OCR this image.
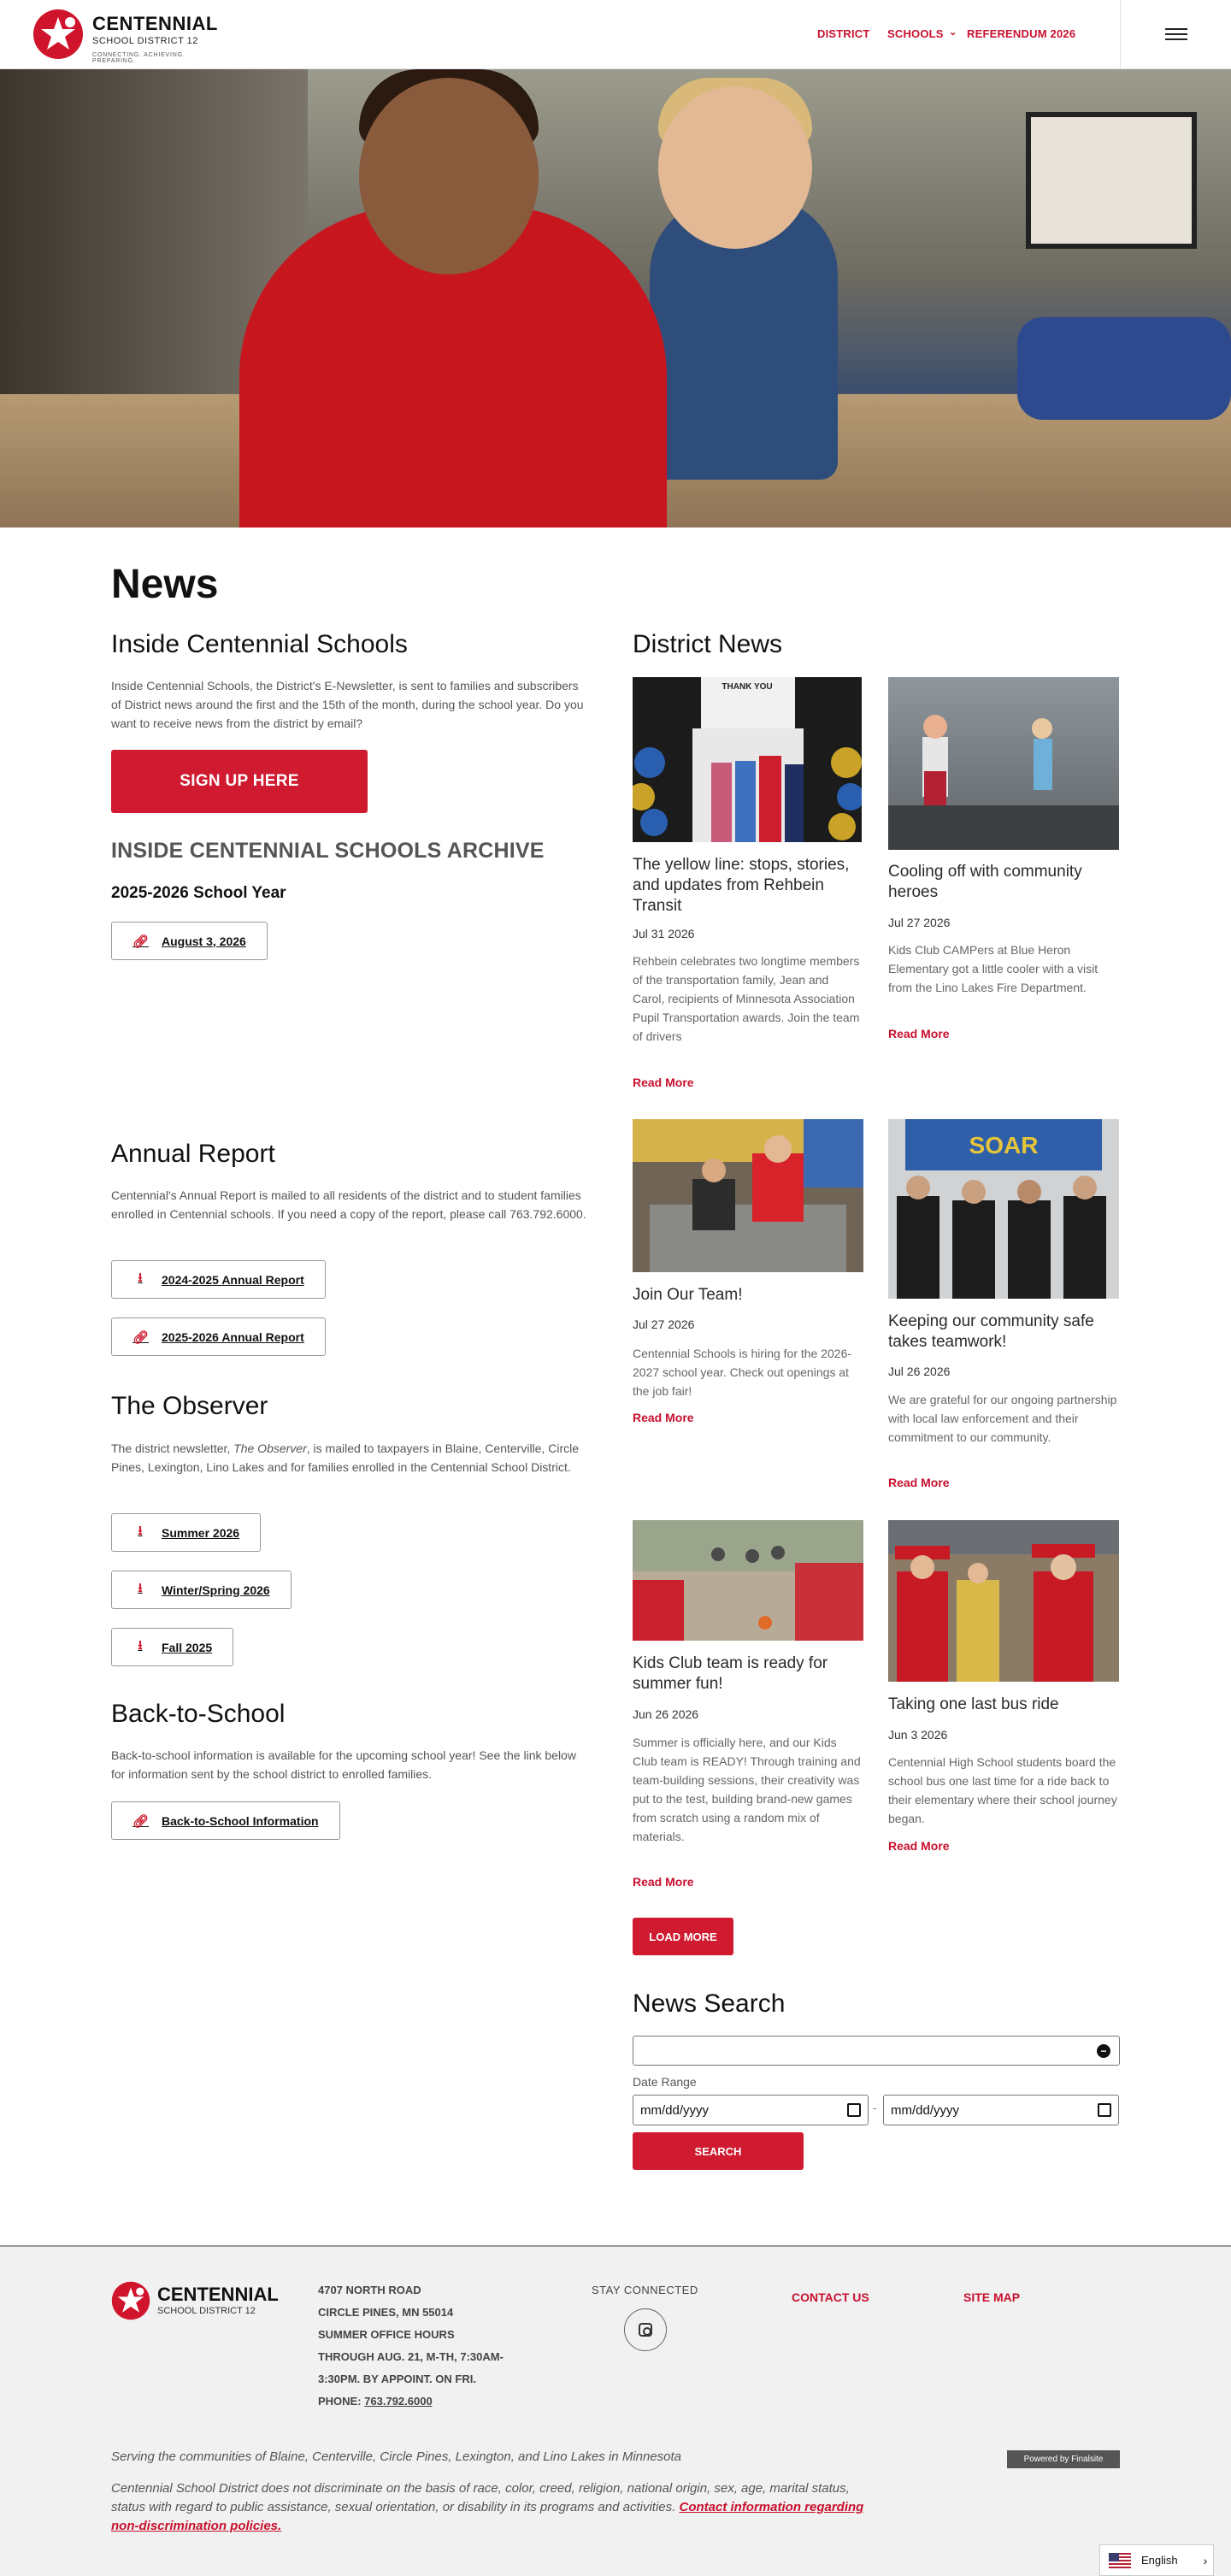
CENTENNIAL
SCHOOL DISTRICT 12
CONNECTING. ACHIEVING. PREPARING.
DISTRICT SCHOOLS ⌄ REFERENDUM 2026
News
Inside Centennial Schools
Inside Centennial Schools, the District's E-Newsletter, is sent to families and subscribers of District news around the first and the 15th of the month, during the school year. Do you want to receive news from the district by email?
SIGN UP HERE
INSIDE CENTENNIAL SCHOOLS ARCHIVE
2025-2026 School Year
🔗︎ August 3, 2026
Annual Report
Centennial's Annual Report is mailed to all residents of the district and to student families enrolled in Centennial schools. If you need a copy of the report, please call 763.792.6000.
⭳	2024-2025 Annual Report
🔗︎ 2025-2026 Annual Report
The Observer
The district newsletter, The Observer, is mailed to taxpayers in Blaine, Centerville, Circle Pines, Lexington, Lino Lakes and for families enrolled in the Centennial School District.
⭳	Summer 2026
⭳	Winter/Spring 2026
⭳	Fall 2025
Back-to-School
Back-to-school information is available for the upcoming school year! See the link below for information sent by the school district to enrolled families.
🔗︎ Back-to-School Information
District News
THANK YOU
The yellow line: stops, stories, and updates from Rehbein Transit
Jul 31 2026
Rehbein celebrates two longtime members of the transportation family, Jean and Carol, recipients of Minnesota Association Pupil Transportation awards. Join the team of drivers
Read More
Cooling off with community heroes
Jul 27 2026
Kids Club CAMPers at Blue Heron Elementary got a little cooler with a visit from the Lino Lakes Fire Department.
Read More
Join Our Team!
Jul 27 2026
Centennial Schools is hiring for the 2026-2027 school year. Check out openings at the job fair!
Read More
SOAR
Keeping our community safe takes teamwork!
Jul 26 2026
We are grateful for our ongoing partnership with local law enforcement and their commitment to our community.
Read More
Kids Club team is ready for summer fun!
Jun 26 2026
Summer is officially here, and our Kids Club team is READY! Through training and team-building sessions, their creativity was put to the test, building brand-new games from scratch using a random mix of materials.
Read More
Taking one last bus ride
Jun 3 2026
Centennial High School students board the school bus one last time for a ride back to their elementary where their school journey began.
Read More
LOAD MORE
News Search
−
Date Range
mm/dd/yyyy	-	mm/dd/yyyy
SEARCH
CENTENNIAL
SCHOOL DISTRICT 12
4707 NORTH ROAD
CIRCLE PINES, MN 55014
SUMMER OFFICE HOURS
THROUGH AUG. 21, M-TH, 7:30AM-
3:30PM. BY APPOINT. ON FRI.
PHONE: 763.792.6000
STAY CONNECTED
CONTACT US	SITE MAP
Serving the communities of Blaine, Centerville, Circle Pines, Lexington, and Lino Lakes in Minnesota	Powered by Finalsite
Centennial School District does not discriminate on the basis of race, color, creed, religion, national origin, sex, age, marital status, status with regard to public assistance, sexual orientation, or disability in its programs and activities. Contact information regarding non-discrimination policies.
English ›
